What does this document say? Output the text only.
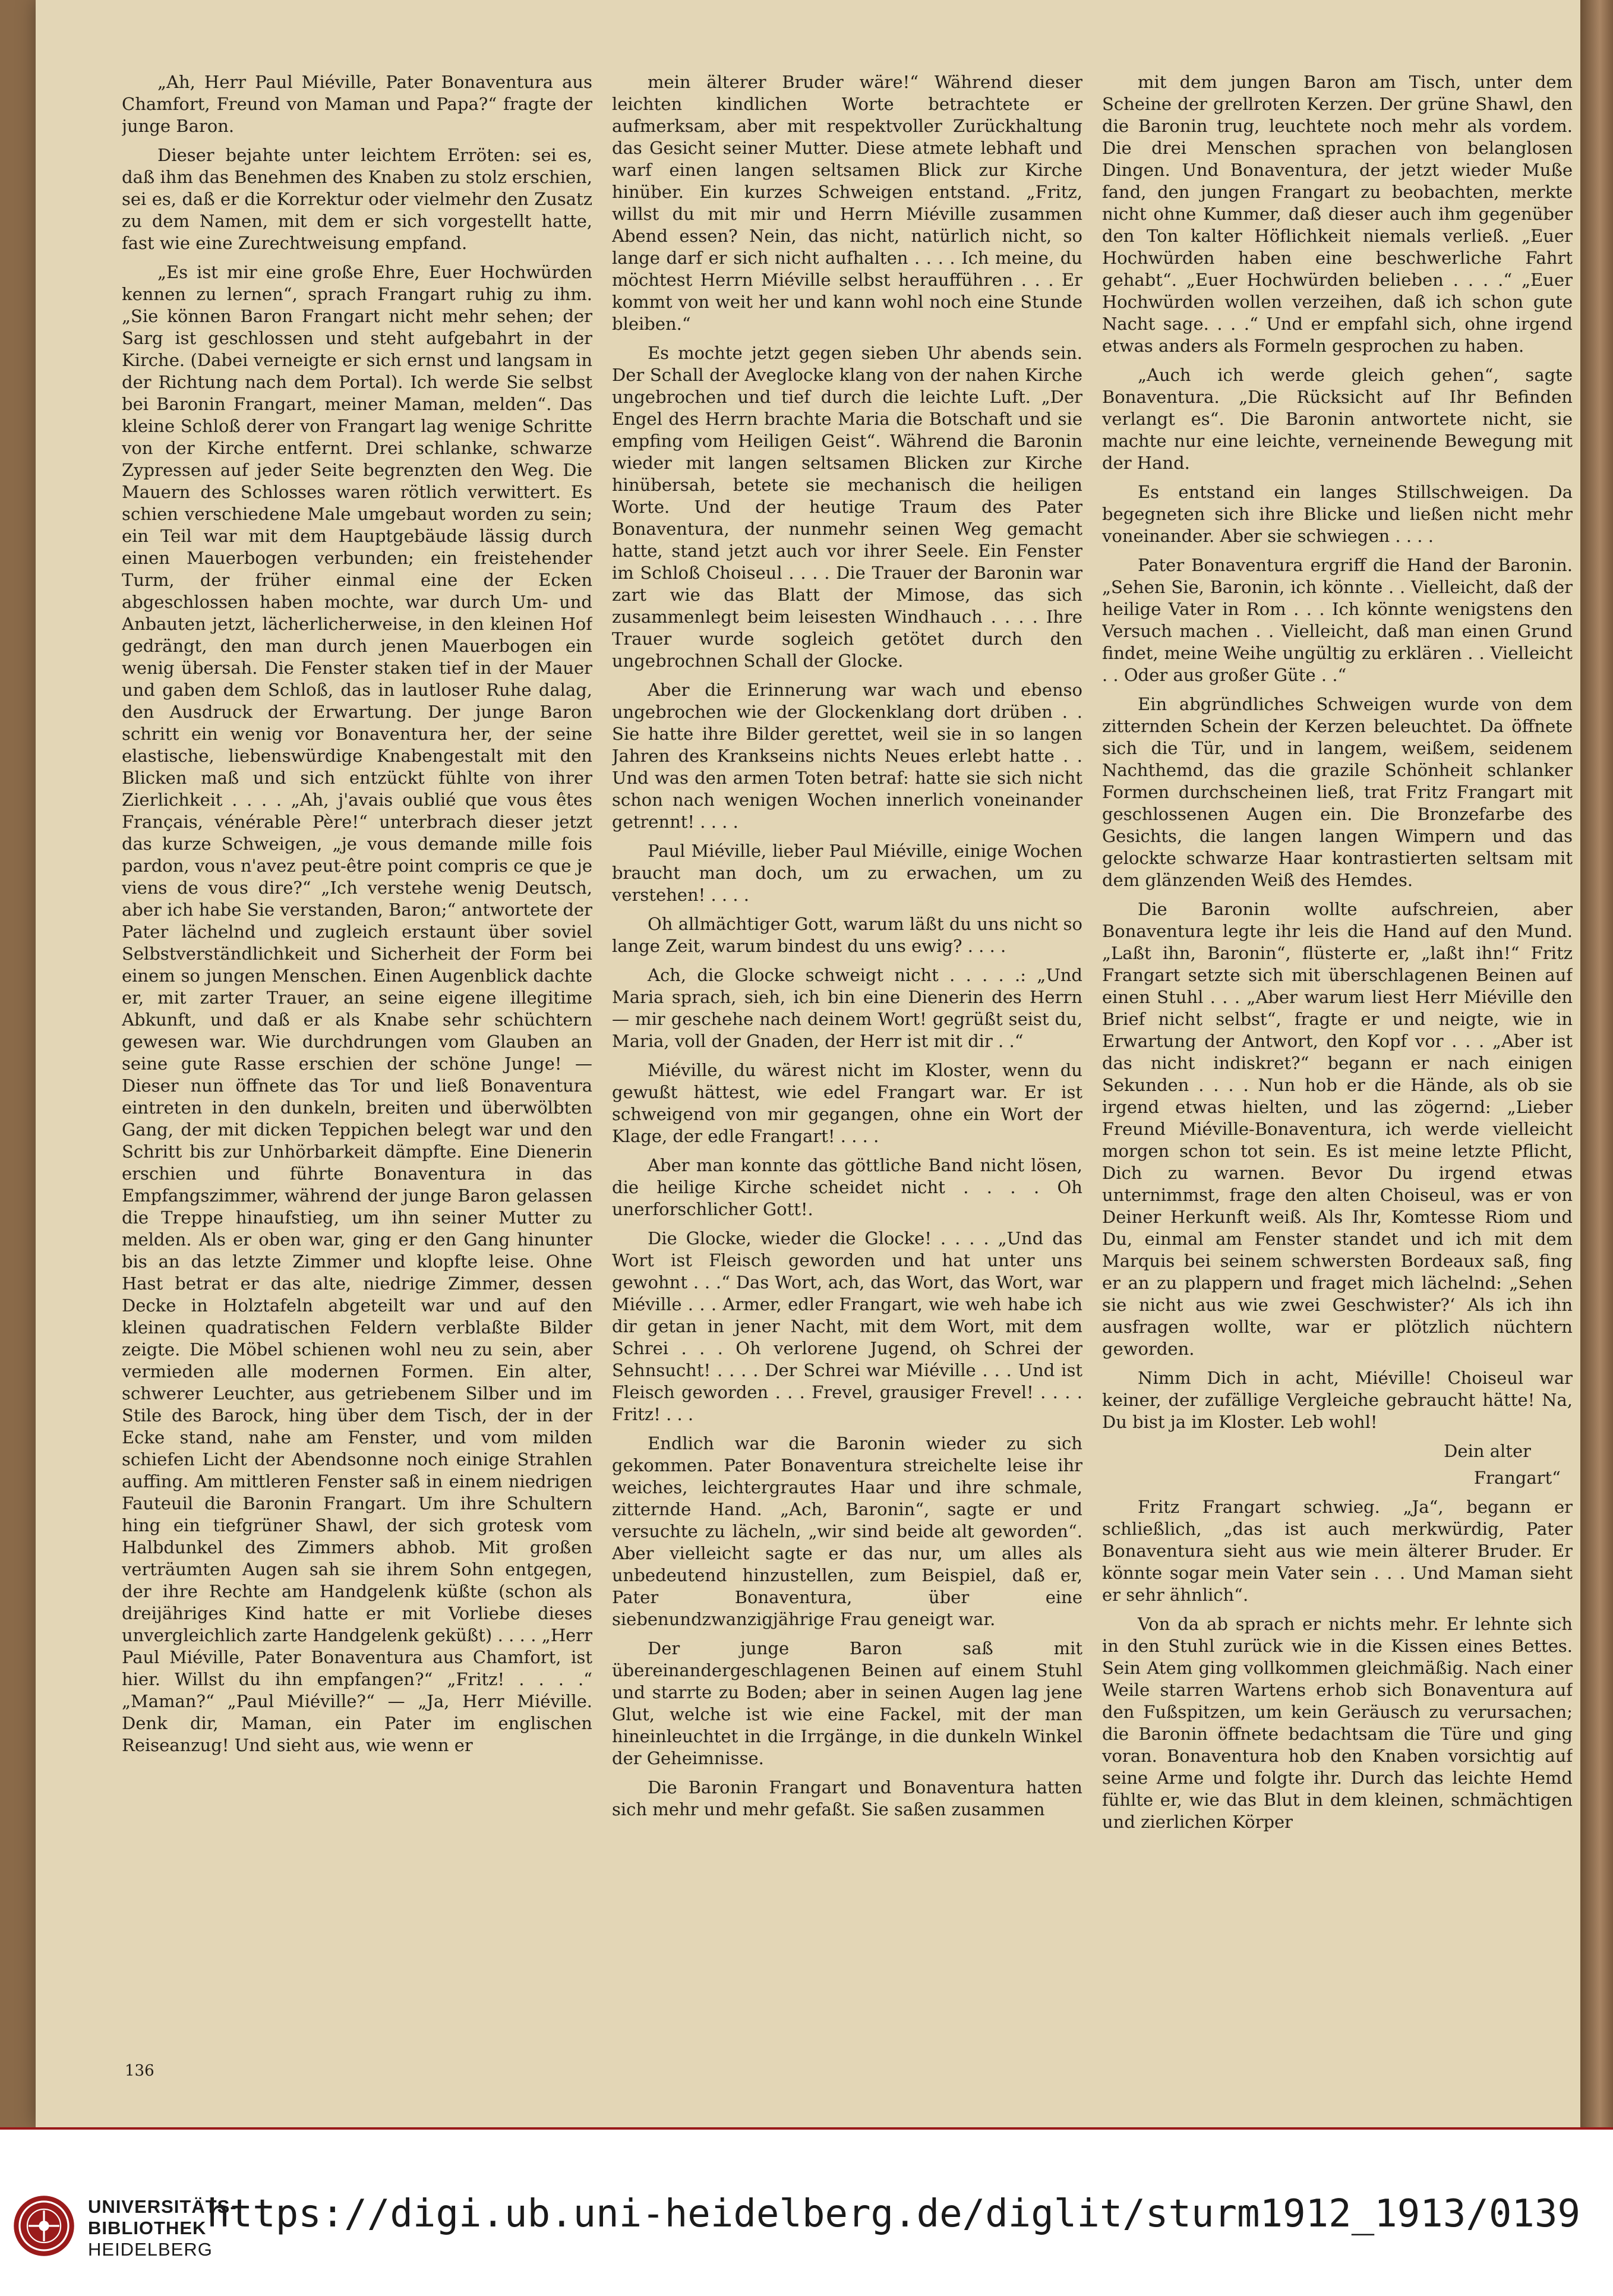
„Ah, Herr Paul Miéville, Pater Bonaventura aus Chamfort, Freund von Maman und Papa?“ fragte der junge Baron.

Dieser bejahte unter leichtem Erröten: sei es, daß ihm das Benehmen des Knaben zu stolz erschien, sei es, daß er die Korrektur oder vielmehr den Zusatz zu dem Namen, mit dem er sich vorgestellt hatte, fast wie eine Zurechtweisung empfand.

„Es ist mir eine große Ehre, Euer Hochwürden kennen zu lernen“, sprach Frangart ruhig zu ihm. „Sie können Baron Frangart nicht mehr sehen; der Sarg ist geschlossen und steht aufgebahrt in der Kirche. (Dabei verneigte er sich ernst und langsam in der Richtung nach dem Portal). Ich werde Sie selbst bei Baronin Frangart, meiner Maman, melden“. Das kleine Schloß derer von Frangart lag wenige Schritte von der Kirche entfernt. Drei schlanke, schwarze Zypressen auf jeder Seite begrenzten den Weg. Die Mauern des Schlosses waren rötlich verwittert. Es schien verschiedene Male umgebaut worden zu sein; ein Teil war mit dem Hauptgebäude lässig durch einen Mauerbogen verbunden; ein freistehender Turm, der früher einmal eine der Ecken abgeschlossen haben mochte, war durch Um- und Anbauten jetzt, lächerlicherweise, in den kleinen Hof gedrängt, den man durch jenen Mauerbogen ein wenig übersah. Die Fenster staken tief in der Mauer und gaben dem Schloß, das in lautloser Ruhe dalag, den Ausdruck der Erwartung. Der junge Baron schritt ein wenig vor Bonaventura her, der seine elastische, liebenswürdige Knabengestalt mit den Blicken maß und sich entzückt fühlte von ihrer Zierlichkeit . . . . „Ah, j'avais oublié que vous êtes Français, vénérable Père!“ unterbrach dieser jetzt das kurze Schweigen, „je vous demande mille fois pardon, vous n'avez peut-être point compris ce que je viens de vous dire?“ „Ich verstehe wenig Deutsch, aber ich habe Sie verstanden, Baron;“ antwortete der Pater lächelnd und zugleich erstaunt über soviel Selbstverständlichkeit und Sicherheit der Form bei einem so jungen Menschen. Einen Augenblick dachte er, mit zarter Trauer, an seine eigene illegitime Abkunft, und daß er als Knabe sehr schüchtern gewesen war. Wie durchdrungen vom Glauben an seine gute Rasse erschien der schöne Junge! — Dieser nun öffnete das Tor und ließ Bonaventura eintreten in den dunkeln, breiten und überwölbten Gang, der mit dicken Teppichen belegt war und den Schritt bis zur Unhörbarkeit dämpfte. Eine Dienerin erschien und führte Bonaventura in das Empfangszimmer, während der junge Baron gelassen die Treppe hinaufstieg, um ihn seiner Mutter zu melden. Als er oben war, ging er den Gang hinunter bis an das letzte Zimmer und klopfte leise. Ohne Hast betrat er das alte, niedrige Zimmer, dessen Decke in Holztafeln abgeteilt war und auf den kleinen quadratischen Feldern verblaßte Bilder zeigte. Die Möbel schienen wohl neu zu sein, aber vermieden alle modernen Formen. Ein alter, schwerer Leuchter, aus getriebenem Silber und im Stile des Barock, hing über dem Tisch, der in der Ecke stand, nahe am Fenster, und vom milden schiefen Licht der Abendsonne noch einige Strahlen auffing. Am mittleren Fenster saß in einem niedrigen Fauteuil die Baronin Frangart. Um ihre Schultern hing ein tiefgrüner Shawl, der sich grotesk vom Halbdunkel des Zimmers abhob. Mit großen verträumten Augen sah sie ihrem Sohn entgegen, der ihre Rechte am Handgelenk küßte (schon als dreijähriges Kind hatte er mit Vorliebe dieses unvergleichlich zarte Handgelenk geküßt) . . . . „Herr Paul Miéville, Pater Bonaventura aus Chamfort, ist hier. Willst du ihn empfangen?“ „Fritz! . . . .“ „Maman?“ „Paul Miéville?“ — „Ja, Herr Miéville. Denk dir, Maman, ein Pater im englischen Reiseanzug! Und sieht aus, wie wenn er

mein älterer Bruder wäre!“ Während dieser leichten kindlichen Worte betrachtete er aufmerksam, aber mit respektvoller Zurückhaltung das Gesicht seiner Mutter. Diese atmete lebhaft und warf einen langen seltsamen Blick zur Kirche hinüber. Ein kurzes Schweigen entstand. „Fritz, willst du mit mir und Herrn Miéville zusammen Abend essen? Nein, das nicht, natürlich nicht, so lange darf er sich nicht aufhalten . . . . Ich meine, du möchtest Herrn Miéville selbst heraufführen . . . Er kommt von weit her und kann wohl noch eine Stunde bleiben.“

Es mochte jetzt gegen sieben Uhr abends sein. Der Schall der Aveglocke klang von der nahen Kirche ungebrochen und tief durch die leichte Luft. „Der Engel des Herrn brachte Maria die Botschaft und sie empfing vom Heiligen Geist“. Während die Baronin wieder mit langen seltsamen Blicken zur Kirche hinübersah, betete sie mechanisch die heiligen Worte. Und der heutige Traum des Pater Bonaventura, der nunmehr seinen Weg gemacht hatte, stand jetzt auch vor ihrer Seele. Ein Fenster im Schloß Choiseul . . . . Die Trauer der Baronin war zart wie das Blatt der Mimose, das sich zusammenlegt beim leisesten Windhauch . . . . Ihre Trauer wurde sogleich getötet durch den ungebrochnen Schall der Glocke.

Aber die Erinnerung war wach und ebenso ungebrochen wie der Glockenklang dort drüben . . Sie hatte ihre Bilder gerettet, weil sie in so langen Jahren des Krankseins nichts Neues erlebt hatte . . Und was den armen Toten betraf: hatte sie sich nicht schon nach wenigen Wochen innerlich voneinander getrennt! . . . .

Paul Miéville, lieber Paul Miéville, einige Wochen braucht man doch, um zu erwachen, um zu verstehen! . . . .

Oh allmächtiger Gott, warum läßt du uns nicht so lange Zeit, warum bindest du uns ewig? . . . .

Ach, die Glocke schweigt nicht . . . . .: „Und Maria sprach, sieh, ich bin eine Dienerin des Herrn — mir geschehe nach deinem Wort! gegrüßt seist du, Maria, voll der Gnaden, der Herr ist mit dir . .“

Miéville, du wärest nicht im Kloster, wenn du gewußt hättest, wie edel Frangart war. Er ist schweigend von mir gegangen, ohne ein Wort der Klage, der edle Frangart! . . . .

Aber man konnte das göttliche Band nicht lösen, die heilige Kirche scheidet nicht . . . . Oh unerforschlicher Gott!.

Die Glocke, wieder die Glocke! . . . . „Und das Wort ist Fleisch geworden und hat unter uns gewohnt . . .“ Das Wort, ach, das Wort, das Wort, war Miéville . . . Armer, edler Frangart, wie weh habe ich dir getan in jener Nacht, mit dem Wort, mit dem Schrei . . . Oh verlorene Jugend, oh Schrei der Sehnsucht! . . . . Der Schrei war Miéville . . . Und ist Fleisch geworden . . . Frevel, grausiger Frevel! . . . . Fritz! . . .

Endlich war die Baronin wieder zu sich gekommen. Pater Bonaventura streichelte leise ihr weiches, leichtergrautes Haar und ihre schmale, zitternde Hand. „Ach, Baronin“, sagte er und versuchte zu lächeln, „wir sind beide alt geworden“. Aber vielleicht sagte er das nur, um alles als unbedeutend hinzustellen, zum Beispiel, daß er, Pater Bonaventura, über eine siebenundzwanzigjährige Frau geneigt war.

Der junge Baron saß mit übereinandergeschlagenen Beinen auf einem Stuhl und starrte zu Boden; aber in seinen Augen lag jene Glut, welche ist wie eine Fackel, mit der man hineinleuchtet in die Irrgänge, in die dunkeln Winkel der Geheimnisse.

Die Baronin Frangart und Bonaventura hatten sich mehr und mehr gefaßt. Sie saßen zusammen

mit dem jungen Baron am Tisch, unter dem Scheine der grellroten Kerzen. Der grüne Shawl, den die Baronin trug, leuchtete noch mehr als vordem. Die drei Menschen sprachen von belanglosen Dingen. Und Bonaventura, der jetzt wieder Muße fand, den jungen Frangart zu beobachten, merkte nicht ohne Kummer, daß dieser auch ihm gegenüber den Ton kalter Höflichkeit niemals verließ. „Euer Hochwürden haben eine beschwerliche Fahrt gehabt“. „Euer Hochwürden belieben . . . .“ „Euer Hochwürden wollen verzeihen, daß ich schon gute Nacht sage. . . .“ Und er empfahl sich, ohne irgend etwas anders als Formeln gesprochen zu haben.

„Auch ich werde gleich gehen“, sagte Bonaventura. „Die Rücksicht auf Ihr Befinden verlangt es“. Die Baronin antwortete nicht, sie machte nur eine leichte, verneinende Bewegung mit der Hand.

Es entstand ein langes Stillschweigen. Da begegneten sich ihre Blicke und ließen nicht mehr voneinander. Aber sie schwiegen . . . .

Pater Bonaventura ergriff die Hand der Baronin. „Sehen Sie, Baronin, ich könnte . . Vielleicht, daß der heilige Vater in Rom . . . Ich könnte wenigstens den Versuch machen . . Vielleicht, daß man einen Grund findet, meine Weihe ungültig zu erklären . . Vielleicht . . Oder aus großer Güte . .“

Ein abgründliches Schweigen wurde von dem zitternden Schein der Kerzen beleuchtet. Da öffnete sich die Tür, und in langem, weißem, seidenem Nachthemd, das die grazile Schönheit schlanker Formen durchscheinen ließ, trat Fritz Frangart mit geschlossenen Augen ein. Die Bronzefarbe des Gesichts, die langen langen Wimpern und das gelockte schwarze Haar kontrastierten seltsam mit dem glänzenden Weiß des Hemdes.

Die Baronin wollte aufschreien, aber Bonaventura legte ihr leis die Hand auf den Mund. „Laßt ihn, Baronin“, flüsterte er, „laßt ihn!“ Fritz Frangart setzte sich mit überschlagenen Beinen auf einen Stuhl . . . „Aber warum liest Herr Miéville den Brief nicht selbst“, fragte er und neigte, wie in Erwartung der Antwort, den Kopf vor . . . „Aber ist das nicht indiskret?“ begann er nach einigen Sekunden . . . . Nun hob er die Hände, als ob sie irgend etwas hielten, und las zögernd: „Lieber Freund Miéville-Bonaventura, ich werde vielleicht morgen schon tot sein. Es ist meine letzte Pflicht, Dich zu warnen. Bevor Du irgend etwas unternimmst, frage den alten Choiseul, was er von Deiner Herkunft weiß. Als Ihr, Komtesse Riom und Du, einmal am Fenster standet und ich mit dem Marquis bei seinem schwersten Bordeaux saß, fing er an zu plappern und fraget mich lächelnd: „Sehen sie nicht aus wie zwei Geschwister?‘ Als ich ihn ausfragen wollte, war er plötzlich nüchtern geworden.

Nimm Dich in acht, Miéville! Choiseul war keiner, der zufällige Vergleiche gebraucht hätte! Na, Du bist ja im Kloster. Leb wohl!

Dein alter

Frangart“

Fritz Frangart schwieg. „Ja“, begann er schließlich, „das ist auch merkwürdig, Pater Bonaventura sieht aus wie mein älterer Bruder. Er könnte sogar mein Vater sein . . . Und Maman sieht er sehr ähnlich“.

Von da ab sprach er nichts mehr. Er lehnte sich in den Stuhl zurück wie in die Kissen eines Bettes. Sein Atem ging vollkommen gleichmäßig. Nach einer Weile starren Wartens erhob sich Bonaventura auf den Fußspitzen, um kein Geräusch zu verursachen; die Baronin öffnete bedachtsam die Türe und ging voran. Bonaventura hob den Knaben vorsichtig auf seine Arme und folgte ihr. Durch das leichte Hemd fühlte er, wie das Blut in dem kleinen, schmächtigen und zierlichen Körper

136
UNIVERSITÄTS-
BIBLIOTHEK
HEIDELBERG
https://digi.ub.uni-heidelberg.de/diglit/sturm1912_1913/0139
